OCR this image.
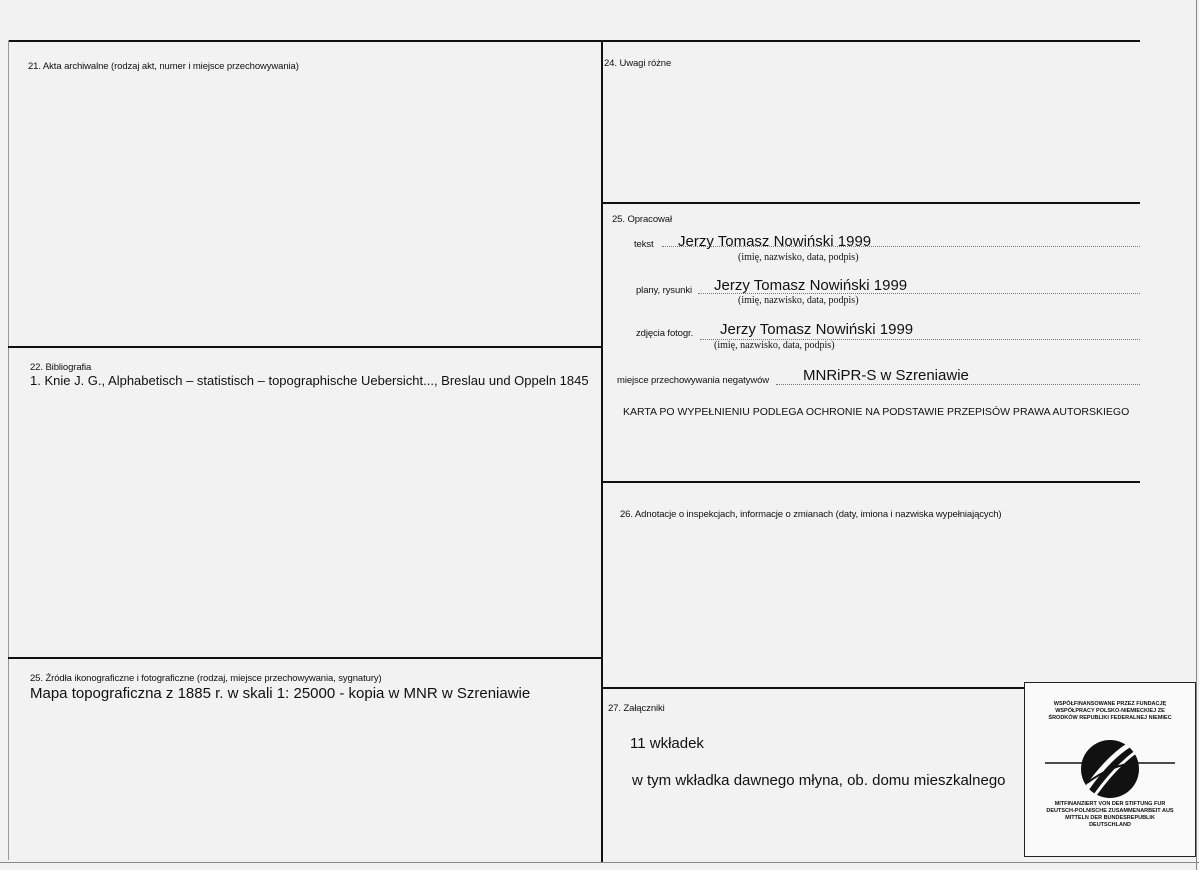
21. Akta archiwalne (rodzaj akt, numer i miejsce przechowywania)	24. Uwagi różne
25. Opracował
tekst Jerzy Tomasz Nowiński 1999
(imię, nazwisko, data, podpis)
plany, rysunki Jerzy Tomasz Nowiński 1999
(imię, nazwisko, data, podpis)
zdjęcia fotogr. Jerzy Tomasz Nowiński 1999
(imię, nazwisko, data, podpis)
miejsce przechowywania negatywów MNRiPR-S w Szreniawie
KARTA PO WYPEŁNIENIU PODLEGA OCHRONIE NA PODSTAWIE PRZEPISÓW PRAWA AUTORSKIEGO
22. Bibliografia
1. Knie J. G., Alphabetisch – statistisch – topographische Uebersicht..., Breslau und Oppeln 1845
26. Adnotacje o inspekcjach, informacje o zmianach (daty, imiona i nazwiska wypełniających)
25. Źródła ikonograficzne i fotograficzne (rodzaj, miejsce przechowywania, sygnatury)
Mapa topograficzna z 1885 r. w skali 1: 25000 - kopia w MNR w Szreniawie
27. Załączniki
11 wkładek
w tym wkładka dawnego młyna, ob. domu mieszkalnego
WSPÓŁFINANSOWANE PRZEZ FUNDACJĘ WSPÓŁPRACY POLSKO-NIEMIECKIEJ ZE ŚRODKÓW REPUBLIKI FEDERALNEJ NIEMIEC
MITFINANZIERT VON DER STIFTUNG FUR DEUTSCH-POLNISCHE ZUSAMMENARBEIT AUS MITTELN DER BUNDESREPUBLIK DEUTSCHLAND
